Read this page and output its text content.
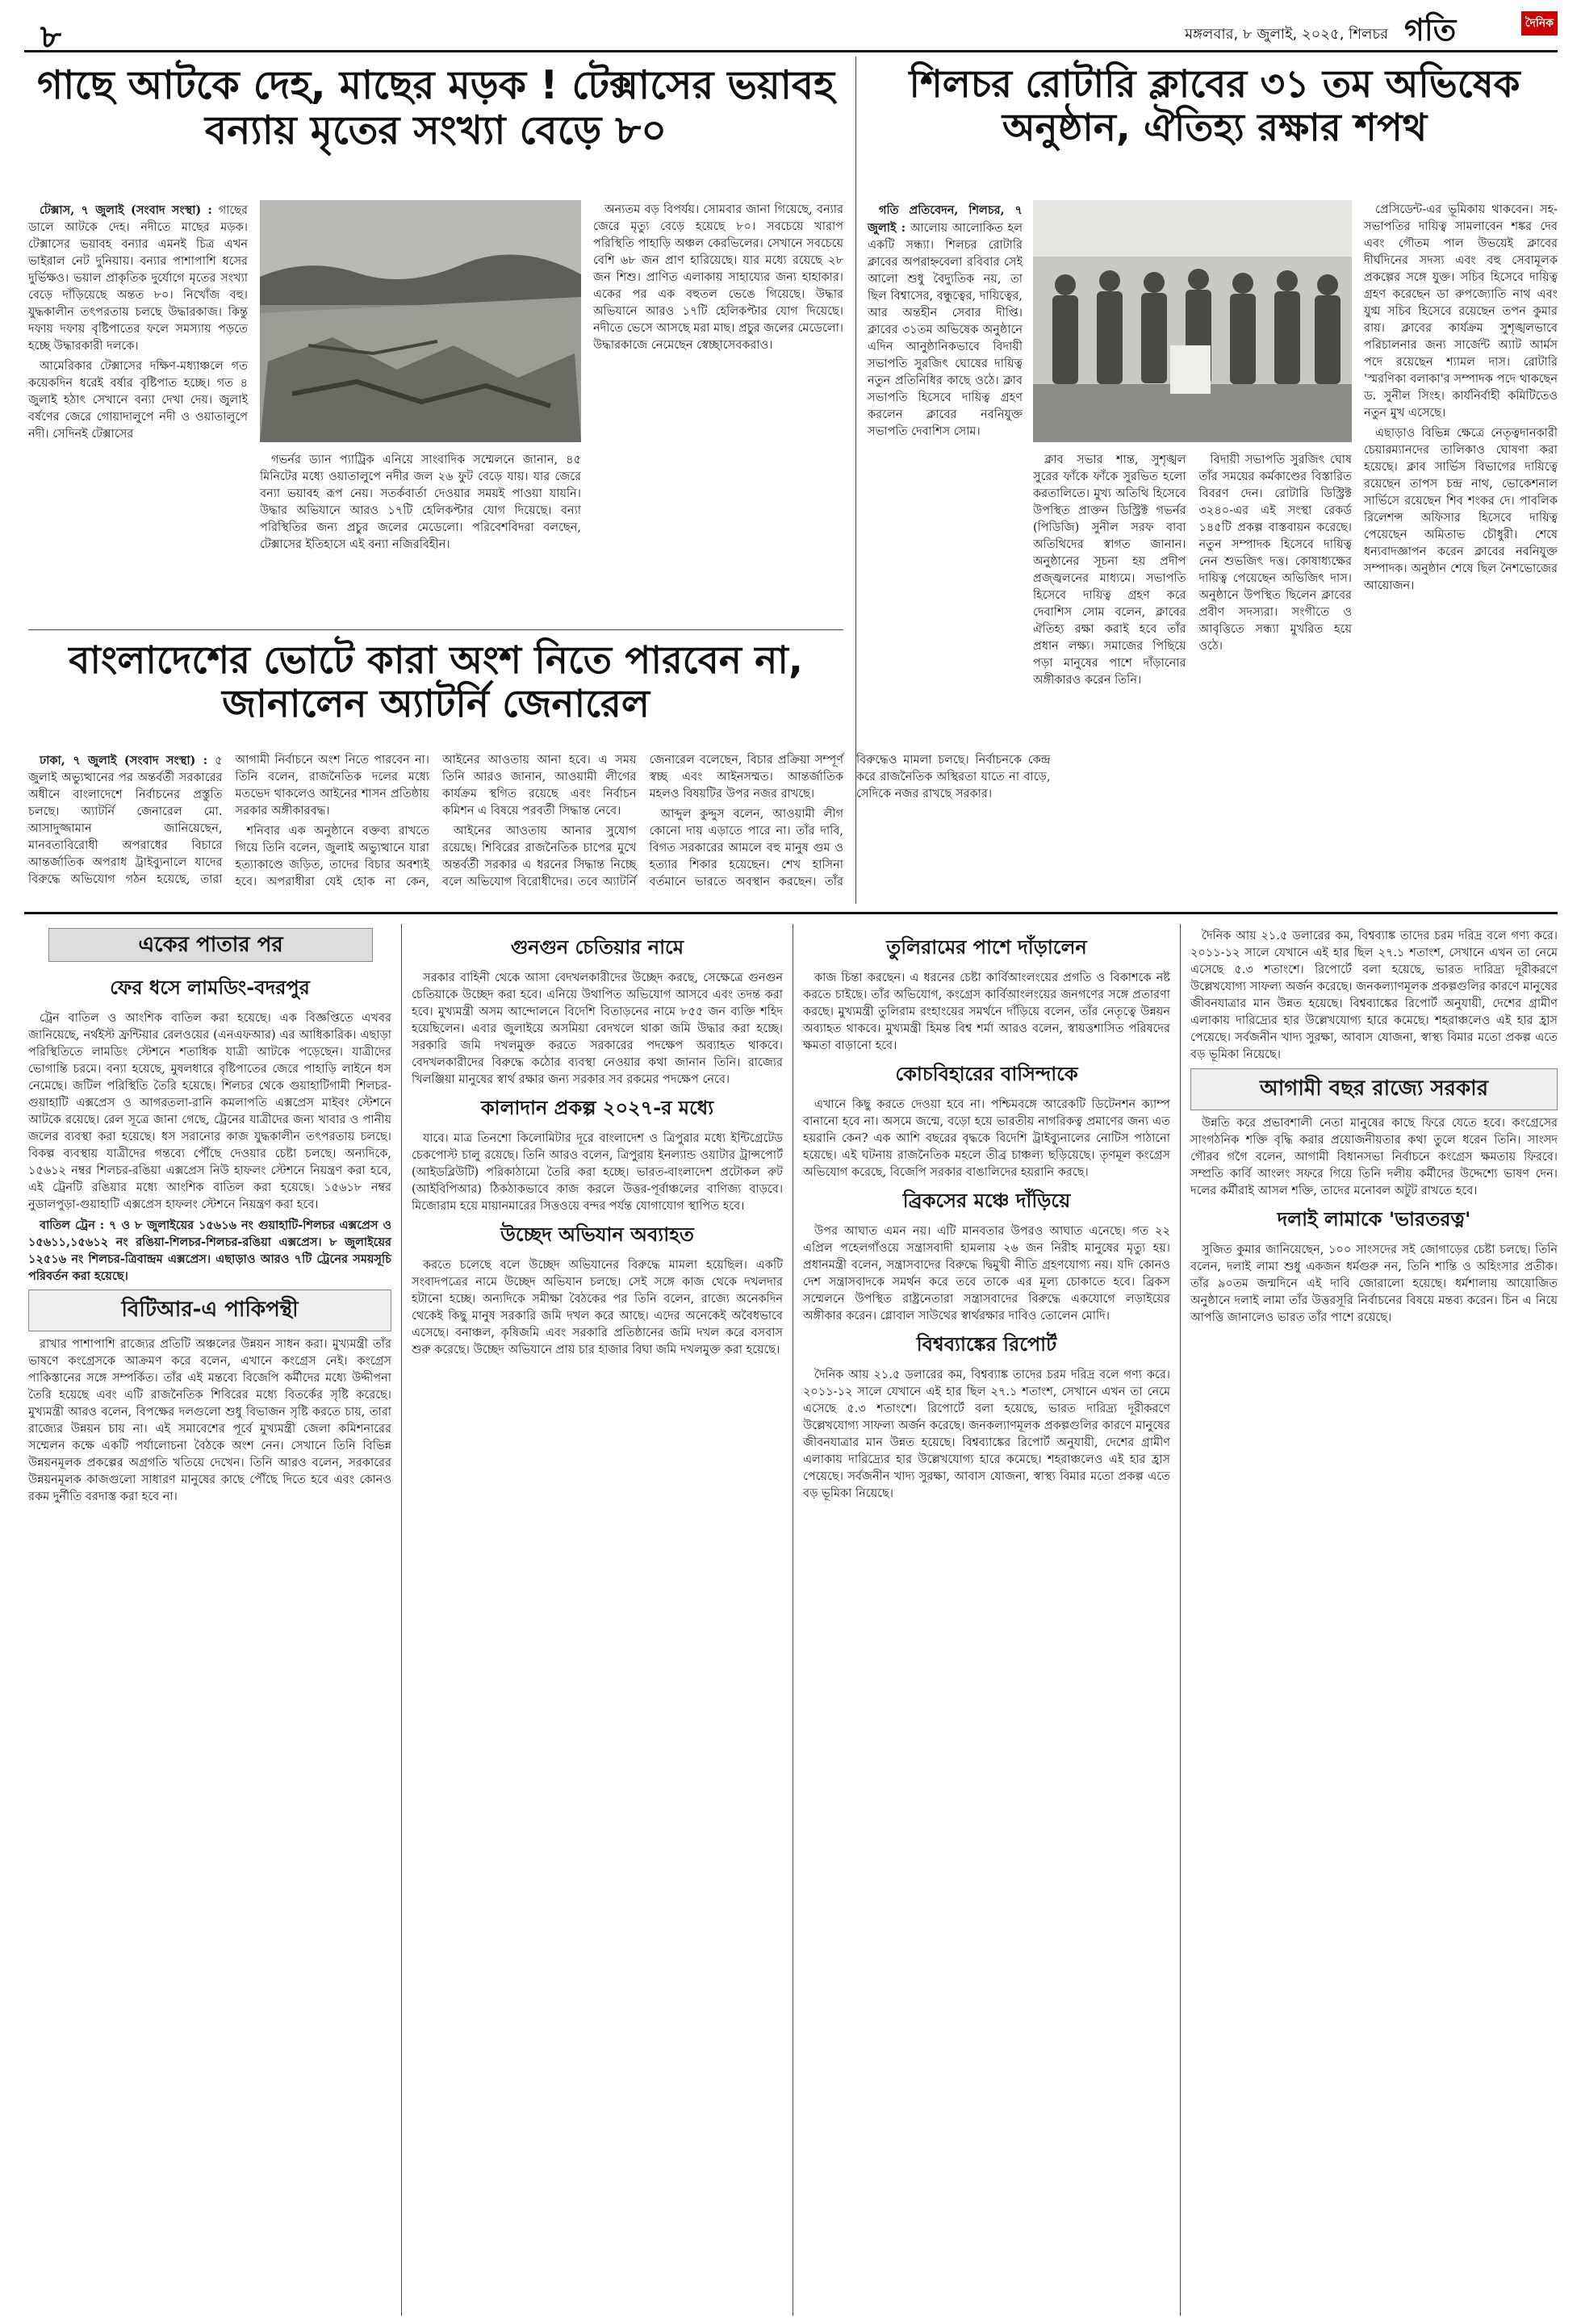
৮	মঙ্গলবার, ৮ জুলাই, ২০২৫, শিলচর গতি	দৈনিক
গাছে আটকে দেহ, মাছের মড়ক ! টেক্সাসের ভয়াবহ বন্যায় মৃতের সংখ্যা বেড়ে ৮০

টেক্সাস, ৭ জুলাই (সংবাদ সংস্থা) : গাছের ডালে আটকে দেহ। নদীতে মাছের মড়ক। টেক্সাসের ভয়াবহ বন্যার এমনই চিত্র এখন ভাইরাল নেট দুনিয়ায়। বন্যার পাশাপাশি ধসের দুর্ভিক্ষও। ভয়াল প্রাকৃতিক দুর্যোগে মৃতের সংখ্যা বেড়ে দাঁড়িয়েছে অন্তত ৮০। নিখোঁজ বহু। যুদ্ধকালীন তৎপরতায় চলছে উদ্ধারকাজ। কিন্তু দফায় দফায় বৃষ্টিপাতের ফলে সমস্যায় পড়তে হচ্ছে উদ্ধারকারী দলকে।

আমেরিকার টেক্সাসের দক্ষিণ-মধ্যাঞ্চলে গত কয়েকদিন ধরেই বর্ষার বৃষ্টিপাত হচ্ছে। গত ৪ জুলাই হঠাৎ সেখানে বন্যা দেখা দেয়। জুলাই বর্ষণের জেরে গোয়াদালুপে নদী ও ওয়াতালুপে নদী। সেদিনই টেক্সাসের

গভর্নর ড্যান প্যাট্রিক এনিয়ে সাংবাদিক সম্মেলনে জানান, ৪৫ মিনিটের মধ্যে ওয়াতালুপে নদীর জল ২৬ ফুট বেড়ে যায়। যার জেরে বন্যা ভয়াবহ রূপ নেয়। সতর্কবার্তা দেওয়ার সময়ই পাওয়া যায়নি। উদ্ধার অভিযানে আরও ১৭টি হেলিকপ্টার যোগ দিয়েছে। বন্যা পরিস্থিতির জন্য প্রচুর জলের মেডেলো। পরিবেশবিদরা বলছেন, টেক্সাসের ইতিহাসে এই বন্যা নজিরবিহীন।

অন্যতম বড় বিপর্যয়। সোমবার জানা গিয়েছে, বন্যার জেরে মৃত্যু বেড়ে হয়েছে ৮০। সবচেয়ে খারাপ পরিস্থিতি পাহাড়ি অঞ্চল কেরভিলের। সেখানে সবচেয়ে বেশি ৬৮ জন প্রাণ হারিয়েছে। যার মধ্যে রয়েছে ২৮ জন শিশু। প্রাণিত এলাকায় সাহায্যের জন্য হাহাকার। একের পর এক বহুতল ভেঙে গিয়েছে। উদ্ধার অভিযানে আরও ১৭টি হেলিকপ্টার যোগ দিয়েছে। নদীতে ভেসে আসছে মরা মাছ। প্রচুর জলের মেডেলো। উদ্ধারকাজে নেমেছেন স্বেচ্ছাসেবকরাও।

বাংলাদেশের ভোটে কারা অংশ নিতে পারবেন না, জানালেন অ্যাটর্নি জেনারেল

ঢাকা, ৭ জুলাই (সংবাদ সংস্থা) : ৫ জুলাই অভ্যুত্থানের পর অন্তর্বর্তী সরকারের অধীনে বাংলাদেশে নির্বাচনের প্রস্তুতি চলছে। অ্যাটর্নি জেনারেল মো. আসাদুজ্জামান জানিয়েছেন, মানবতাবিরোধী অপরাধের বিচারে আন্তর্জাতিক অপরাধ ট্রাইব্যুনালে যাদের বিরুদ্ধে অভিযোগ গঠন হয়েছে, তারা আগামী নির্বাচনে অংশ নিতে পারবেন না। তিনি বলেন, রাজনৈতিক দলের মধ্যে মতভেদ থাকলেও আইনের শাসন প্রতিষ্ঠায় সরকার অঙ্গীকারবদ্ধ।

শনিবার এক অনুষ্ঠানে বক্তব্য রাখতে গিয়ে তিনি বলেন, জুলাই অভ্যুত্থানে যারা হত্যাকাণ্ডে জড়িত, তাদের বিচার অবশ্যই হবে। অপরাধীরা যেই হোক না কেন, আইনের আওতায় আনা হবে। এ সময় তিনি আরও জানান, আওয়ামী লীগের কার্যক্রম স্থগিত রয়েছে এবং নির্বাচন কমিশন এ বিষয়ে পরবর্তী সিদ্ধান্ত নেবে।

আইনের আওতায় আনার সুযোগ রয়েছে। শিবিরের রাজনৈতিক চাপের মুখে অন্তর্বর্তী সরকার এ ধরনের সিদ্ধান্ত নিচ্ছে বলে অভিযোগ বিরোধীদের। তবে অ্যাটর্নি জেনারেল বলেছেন, বিচার প্রক্রিয়া সম্পূর্ণ স্বচ্ছ এবং আইনসম্মত। আন্তর্জাতিক মহলও বিষয়টির উপর নজর রাখছে।

আব্দুল কুদ্দুস বলেন, আওয়ামী লীগ কোনো দায় এড়াতে পারে না। তাঁর দাবি, বিগত সরকারের আমলে বহু মানুষ গুম ও হত্যার শিকার হয়েছেন। শেখ হাসিনা বর্তমানে ভারতে অবস্থান করছেন। তাঁর বিরুদ্ধেও মামলা চলছে। নির্বাচনকে কেন্দ্র করে রাজনৈতিক অস্থিরতা যাতে না বাড়ে, সেদিকে নজর রাখছে সরকার।

শিলচর রোটারি ক্লাবের ৩১ তম অভিষেক অনুষ্ঠান, ঐতিহ্য রক্ষার শপথ

গতি প্রতিবেদন, শিলচর, ৭ জুলাই : আলোয় আলোকিত হল একটি সন্ধ্যা। শিলচর রোটারি ক্লাবের অপরাহ্নবেলা রবিবার সেই আলো শুধু বৈদ্যুতিক নয়, তা ছিল বিশ্বাসের, বন্ধুত্বের, দায়িত্বের, আর অন্তহীন সেবার দীপ্তি। ক্লাবের ৩১তম অভিষেক অনুষ্ঠানে এদিন আনুষ্ঠানিকভাবে বিদায়ী সভাপতি সুরজিৎ ঘোষের দায়িত্ব নতুন প্রতিনিধির কাছে ওঠে। ক্লাব সভাপতি হিসেবে দায়িত্ব গ্রহণ করলেন ক্লাবের নবনিযুক্ত সভাপতি দেবাশিস সোম।

ক্লাব সভার শান্ত, সুশৃঙ্খল সুরের ফাঁকে ফাঁকে সুরভিত হলো করতালিতে। মুখ্য অতিথি হিসেবে উপস্থিত প্রাক্তন ডিস্ট্রিক্ট গভর্নর (পিডিজি) সুনীল সরফ বাবা অতিথিদের স্বাগত জানান। অনুষ্ঠানের সূচনা হয় প্রদীপ প্রজ্জ্বলনের মাধ্যমে। সভাপতি হিসেবে দায়িত্ব গ্রহণ করে দেবাশিস সোম বলেন, ক্লাবের ঐতিহ্য রক্ষা করাই হবে তাঁর প্রধান লক্ষ্য। সমাজের পিছিয়ে পড়া মানুষের পাশে দাঁড়ানোর অঙ্গীকারও করেন তিনি।

বিদায়ী সভাপতি সুরজিৎ ঘোষ তাঁর সময়ের কর্মকাণ্ডের বিস্তারিত বিবরণ দেন। রোটারি ডিস্ট্রিক্ট ৩২৪০-এর এই সংস্থা রেকর্ড ১৪৫টি প্রকল্প বাস্তবায়ন করেছে। নতুন সম্পাদক হিসেবে দায়িত্ব নেন শুভজিৎ দত্ত। কোষাধ্যক্ষের দায়িত্ব পেয়েছেন অভিজিৎ দাস। অনুষ্ঠানে উপস্থিত ছিলেন ক্লাবের প্রবীণ সদস্যরা। সংগীতে ও আবৃত্তিতে সন্ধ্যা মুখরিত হয়ে ওঠে।

প্রেসিডেন্ট-এর ভূমিকায় থাকবেন। সহ-সভাপতির দায়িত্ব সামলাবেন শঙ্কর দেব এবং গৌতম পাল উভয়েই ক্লাবের দীর্ঘদিনের সদস্য এবং বহু সেবামূলক প্রকল্পের সঙ্গে যুক্ত। সচিব হিসেবে দায়িত্ব গ্রহণ করেছেন ডা রুপজ্যোতি নাথ এবং যুগ্ম সচিব হিসেবে রয়েছেন তপন কুমার রায়। ক্লাবের কার্যক্রম সুশৃঙ্খলভাবে পরিচালনার জন্য সার্জেন্ট অ্যাট আর্মস পদে রয়েছেন শ্যামল দাস। রোটারি 'স্মরণিকা বলাকা'র সম্পাদক পদে থাকছেন ড. সুনীল সিংহ। কার্যনির্বাহী কমিটিতেও নতুন মুখ এসেছে।

এছাড়াও বিভিন্ন ক্ষেত্রে নেতৃত্বদানকারী চেয়ারম্যানদের তালিকাও ঘোষণা করা হয়েছে। ক্লাব সার্ভিস বিভাগের দায়িত্বে রয়েছেন তাপস চন্দ্র নাথ, ভোকেশনাল সার্ভিসে রয়েছেন শিব শংকর দে। পাবলিক রিলেশন্স অফিসার হিসেবে দায়িত্ব পেয়েছেন অমিতাভ চৌধুরী। শেষে ধন্যবাদজ্ঞাপন করেন ক্লাবের নবনিযুক্ত সম্পাদক। অনুষ্ঠান শেষে ছিল নৈশভোজের আয়োজন।

একের পাতার পর
ফের ধসে লামডিং-বদরপুর

ট্রেন বাতিল ও আংশিক বাতিল করা হয়েছে। এক বিজ্ঞপ্তিতে এখবর জানিয়েছে, নর্থইস্ট ফ্রন্টিয়ার রেলওয়ের (এনএফআর) এর আধিকারিক। এছাড়া পরিস্থিতিতে লামডিং স্টেশনে শতাধিক যাত্রী আটকে পড়েছেন। যাত্রীদের ভোগান্তি চরমে। বন্যা হয়েছে, মুষলধারে বৃষ্টিপাতের জেরে পাহাড়ি লাইনে ধস নেমেছে। জটিল পরিস্থিতি তৈরি হয়েছে। শিলচর থেকে গুয়াহাটিগামী শিলচর-গুয়াহাটি এক্সপ্রেস ও আগরতলা-রানি কমলাপতি এক্সপ্রেস মাইবং স্টেশনে আটকে রয়েছে। রেল সূত্রে জানা গেছে, ট্রেনের যাত্রীদের জন্য খাবার ও পানীয় জলের ব্যবস্থা করা হয়েছে। ধস সরানোর কাজ যুদ্ধকালীন তৎপরতায় চলছে। বিকল্প ব্যবস্থায় যাত্রীদের গন্তব্যে পৌঁছে দেওয়ার চেষ্টা চলছে। অন্যদিকে, ১৫৬১২ নম্বর শিলচর-রঙিয়া এক্সপ্রেস নিউ হাফলং স্টেশনে নিয়ন্ত্রণ করা হবে, এই ট্রেনটি রঙিয়ার মধ্যে আংশিক বাতিল করা হয়েছে। ১৫৬১৮ নম্বর নুডালপুড়া-গুয়াহাটি এক্সপ্রেস হাফলং স্টেশনে নিয়ন্ত্রণ করা হবে।

বাতিল ট্রেন : ৭ ও ৮ জুলাইয়ের ১৫৬১৬ নং গুয়াহাটি-শিলচর এক্সপ্রেস ও ১৫৬১১,১৫৬১২ নং রঙিয়া-শিলচর-শিলচর-রঙিয়া এক্সপ্রেস। ৮ জুলাইয়ের ১২৫১৬ নং শিলচর-ত্রিবান্দ্রম এক্সপ্রেস। এছাড়াও আরও ৭টি ট্রেনের সময়সূচি পরিবর্তন করা হয়েছে।

বিটিআর-এ পাকিপন্থী

রাখার পাশাপাশি রাজ্যের প্রতিটি অঞ্চলের উন্নয়ন সাধন করা। মুখ্যমন্ত্রী তাঁর ভাষণে কংগ্রেসকে আক্রমণ করে বলেন, এখানে কংগ্রেস নেই। কংগ্রেস পাকিস্তানের সঙ্গে সম্পর্কিত। তাঁর এই মন্তব্যে বিজেপি কর্মীদের মধ্যে উদ্দীপনা তৈরি হয়েছে এবং এটি রাজনৈতিক শিবিরের মধ্যে বিতর্কের সৃষ্টি করেছে। মুখ্যমন্ত্রী আরও বলেন, বিপক্ষের দলগুলো শুধু বিভাজন সৃষ্টি করতে চায়, তারা রাজ্যের উন্নয়ন চায় না। এই সমাবেশের পূর্বে মুখ্যমন্ত্রী জেলা কমিশনারের সম্মেলন কক্ষে একটি পর্যালোচনা বৈঠকে অংশ নেন। সেখানে তিনি বিভিন্ন উন্নয়নমূলক প্রকল্পের অগ্রগতি খতিয়ে দেখেন। তিনি আরও বলেন, সরকারের উন্নয়নমূলক কাজগুলো সাধারণ মানুষের কাছে পৌঁছে দিতে হবে এবং কোনও রকম দুর্নীতি বরদাস্ত করা হবে না।

গুনগুন চেতিয়ার নামে

সরকার বাহিনী থেকে আসা বেদখলকারীদের উচ্ছেদ করছে, সেক্ষেত্রে গুনগুন চেতিয়াকে উচ্ছেদ করা হবে। এনিয়ে উথাপিত অভিযোগ আসবে এবং তদন্ত করা হবে। মুখ্যমন্ত্রী অসম আন্দোলনে বিদেশি বিতাড়নের নামে ৮৫৫ জন ব্যক্তি শহিদ হয়েছিলেন। এবার জুলাইয়ে অসমিয়া বেদখলে থাকা জমি উদ্ধার করা হচ্ছে। সরকারি জমি দখলমুক্ত করতে সরকারের পদক্ষেপ অব্যাহত থাকবে। বেদখলকারীদের বিরুদ্ধে কঠোর ব্যবস্থা নেওয়ার কথা জানান তিনি। রাজ্যের খিলঞ্জিয়া মানুষের স্বার্থ রক্ষার জন্য সরকার সব রকমের পদক্ষেপ নেবে।

কালাদান প্রকল্প ২০২৭-র মধ্যে

যাবে। মাত্র তিনশো কিলোমিটার দূরে বাংলাদেশ ও ত্রিপুরার মধ্যে ইন্টিগ্রেটেড চেকপোস্ট চালু রয়েছে। তিনি আরও বলেন, ত্রিপুরায় ইনল্যান্ড ওয়াটার ট্রান্সপোর্ট (আইডব্লিউটি) পরিকাঠামো তৈরি করা হচ্ছে। ভারত-বাংলাদেশ প্রটোকল রুট (আইবিপিআর) ঠিকঠাকভাবে কাজ করলে উত্তর-পূর্বাঞ্চলের বাণিজ্য বাড়বে। মিজোরাম হয়ে মায়ানমারের সিত্তওয়ে বন্দর পর্যন্ত যোগাযোগ স্থাপিত হবে।

উচ্ছেদ অভিযান অব্যাহত

করতে চলেছে বলে উচ্ছেদ অভিযানের বিরুদ্ধে মামলা হয়েছিল। একটি সংবাদপত্রের নামে উচ্ছেদ অভিযান চলছে। সেই সঙ্গে কাজ থেকে দখলদার হটানো হচ্ছে। অন্যদিকে সমীক্ষা বৈঠকের পর তিনি বলেন, রাজ্যে অনেকদিন থেকেই কিছু মানুষ সরকারি জমি দখল করে আছে। এদের অনেকেই অবৈধভাবে এসেছে। বনাঞ্চল, কৃষিজমি এবং সরকারি প্রতিষ্ঠানের জমি দখল করে বসবাস শুরু করেছে। উচ্ছেদ অভিযানে প্রায় চার হাজার বিঘা জমি দখলমুক্ত করা হয়েছে।

তুলিরামের পাশে দাঁড়ালেন

কাজ চিন্তা করছেন। এ ধরনের চেষ্টা কার্বিআংলংয়ের প্রগতি ও বিকাশকে নষ্ট করতে চাইছে। তাঁর অভিযোগ, কংগ্রেস কার্বিআংলংয়ের জনগণের সঙ্গে প্রতারণা করছে। মুখ্যমন্ত্রী তুলিরাম রংহাংয়ের সমর্থনে দাঁড়িয়ে বলেন, তাঁর নেতৃত্বে উন্নয়ন অব্যাহত থাকবে। মুখ্যমন্ত্রী হিমন্ত বিশ্ব শর্মা আরও বলেন, স্বায়ত্তশাসিত পরিষদের ক্ষমতা বাড়ানো হবে।

কোচবিহারের বাসিন্দাকে

এখানে কিছু করতে দেওয়া হবে না। পশ্চিমবঙ্গে আরেকটি ডিটেনশন ক্যাম্প বানানো হবে না। অসমে জন্মে, বড়ো হয়ে ভারতীয় নাগরিকত্ব প্রমাণের জন্য এত হয়রানি কেন? এক আশি বছরের বৃদ্ধকে বিদেশি ট্রাইব্যুনালের নোটিস পাঠানো হয়েছে। এই ঘটনায় রাজনৈতিক মহলে তীব্র চাঞ্চল্য ছড়িয়েছে। তৃণমূল কংগ্রেস অভিযোগ করেছে, বিজেপি সরকার বাঙালিদের হয়রানি করছে।

ব্রিকসের মঞ্চে দাঁড়িয়ে

উপর আঘাত এমন নয়। এটি মানবতার উপরও আঘাত এনেছে। গত ২২ এপ্রিল পহেলগাঁওয়ে সন্ত্রাসবাদী হামলায় ২৬ জন নিরীহ মানুষের মৃত্যু হয়। প্রধানমন্ত্রী বলেন, সন্ত্রাসবাদের বিরুদ্ধে দ্বিমুখী নীতি গ্রহণযোগ্য নয়। যদি কোনও দেশ সন্ত্রাসবাদকে সমর্থন করে তবে তাকে এর মূল্য চোকাতে হবে। ব্রিকস সম্মেলনে উপস্থিত রাষ্ট্রনেতারা সন্ত্রাসবাদের বিরুদ্ধে একযোগে লড়াইয়ের অঙ্গীকার করেন। গ্লোবাল সাউথের স্বার্থরক্ষার দাবিও তোলেন মোদি।

বিশ্বব্যাঙ্কের রিপোর্ট

দৈনিক আয় ২১.৫ ডলারের কম, বিশ্বব্যাঙ্ক তাদের চরম দরিদ্র বলে গণ্য করে। ২০১১-১২ সালে যেখানে এই হার ছিল ২৭.১ শতাংশ, সেখানে এখন তা নেমে এসেছে ৫.৩ শতাংশে। রিপোর্টে বলা হয়েছে, ভারত দারিদ্র্য দূরীকরণে উল্লেখযোগ্য সাফল্য অর্জন করেছে। জনকল্যাণমূলক প্রকল্পগুলির কারণে মানুষের জীবনযাত্রার মান উন্নত হয়েছে। বিশ্বব্যাঙ্কের রিপোর্ট অনুযায়ী, দেশের গ্রামীণ এলাকায় দারিদ্র্যের হার উল্লেখযোগ্য হারে কমেছে। শহরাঞ্চলেও এই হার হ্রাস পেয়েছে। সর্বজনীন খাদ্য সুরক্ষা, আবাস যোজনা, স্বাস্থ্য বিমার মতো প্রকল্প এতে বড় ভূমিকা নিয়েছে।

দৈনিক আয় ২১.৫ ডলারের কম, বিশ্বব্যাঙ্ক তাদের চরম দরিদ্র বলে গণ্য করে। ২০১১-১২ সালে যেখানে এই হার ছিল ২৭.১ শতাংশ, সেখানে এখন তা নেমে এসেছে ৫.৩ শতাংশে। রিপোর্টে বলা হয়েছে, ভারত দারিদ্র্য দূরীকরণে উল্লেখযোগ্য সাফল্য অর্জন করেছে। জনকল্যাণমূলক প্রকল্পগুলির কারণে মানুষের জীবনযাত্রার মান উন্নত হয়েছে। বিশ্বব্যাঙ্কের রিপোর্ট অনুযায়ী, দেশের গ্রামীণ এলাকায় দারিদ্র্যের হার উল্লেখযোগ্য হারে কমেছে। শহরাঞ্চলেও এই হার হ্রাস পেয়েছে। সর্বজনীন খাদ্য সুরক্ষা, আবাস যোজনা, স্বাস্থ্য বিমার মতো প্রকল্প এতে বড় ভূমিকা নিয়েছে।

আগামী বছর রাজ্যে সরকার

উন্নতি করে প্রভাবশালী নেতা মানুষের কাছে ফিরে যেতে হবে। কংগ্রেসের সাংগঠনিক শক্তি বৃদ্ধি করার প্রয়োজনীয়তার কথা তুলে ধরেন তিনি। সাংসদ গৌরব গগৈ বলেন, আগামী বিধানসভা নির্বাচনে কংগ্রেস ক্ষমতায় ফিরবে। সম্প্রতি কার্বি আংলং সফরে গিয়ে তিনি দলীয় কর্মীদের উদ্দেশ্যে ভাষণ দেন। দলের কর্মীরাই আসল শক্তি, তাদের মনোবল অটুট রাখতে হবে।

দলাই লামাকে 'ভারতরত্ন'

সুজিত কুমার জানিয়েছেন, ১০০ সাংসদের সই জোগাড়ের চেষ্টা চলছে। তিনি বলেন, দলাই লামা শুধু একজন ধর্মগুরু নন, তিনি শান্তি ও অহিংসার প্রতীক। তাঁর ৯০তম জন্মদিনে এই দাবি জোরালো হয়েছে। ধর্মশালায় আয়োজিত অনুষ্ঠানে দলাই লামা তাঁর উত্তরসূরি নির্বাচনের বিষয়ে মন্তব্য করেন। চিন এ নিয়ে আপত্তি জানালেও ভারত তাঁর পাশে রয়েছে।
